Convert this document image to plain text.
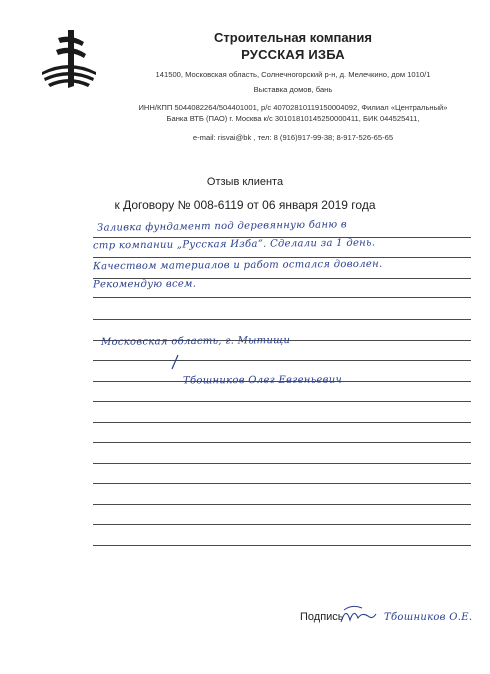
Строительная компания
РУССКАЯ ИЗБА
141500, Московская область, Солнечногорский р-н, д. Мелечкино, дом 1010/1
Выставка домов, бань
ИНН/КПП 5044082264/504401001, р/с 40702810119150004092, Филиал «Центральный»
Банка ВТБ (ПАО) г. Москва к/с 30101810145250000411, БИК 044525411,
e-mail: risvai@bk , тел: 8 (916)917-99-38; 8-917-526-65-65
Отзыв клиента
к Договору № 008-6119 от 06 января 2019 года
Заливка фундамент под деревянную баню в
стр компании „Русская Изба“. Сделали за 1 день.
Качеством материалов и работ остался доволен.
Рекомендую всем.
Московская область, г. Мытищи
Тбошников Олег Евгеньевич
Подпись	Тбошников О.Е.
